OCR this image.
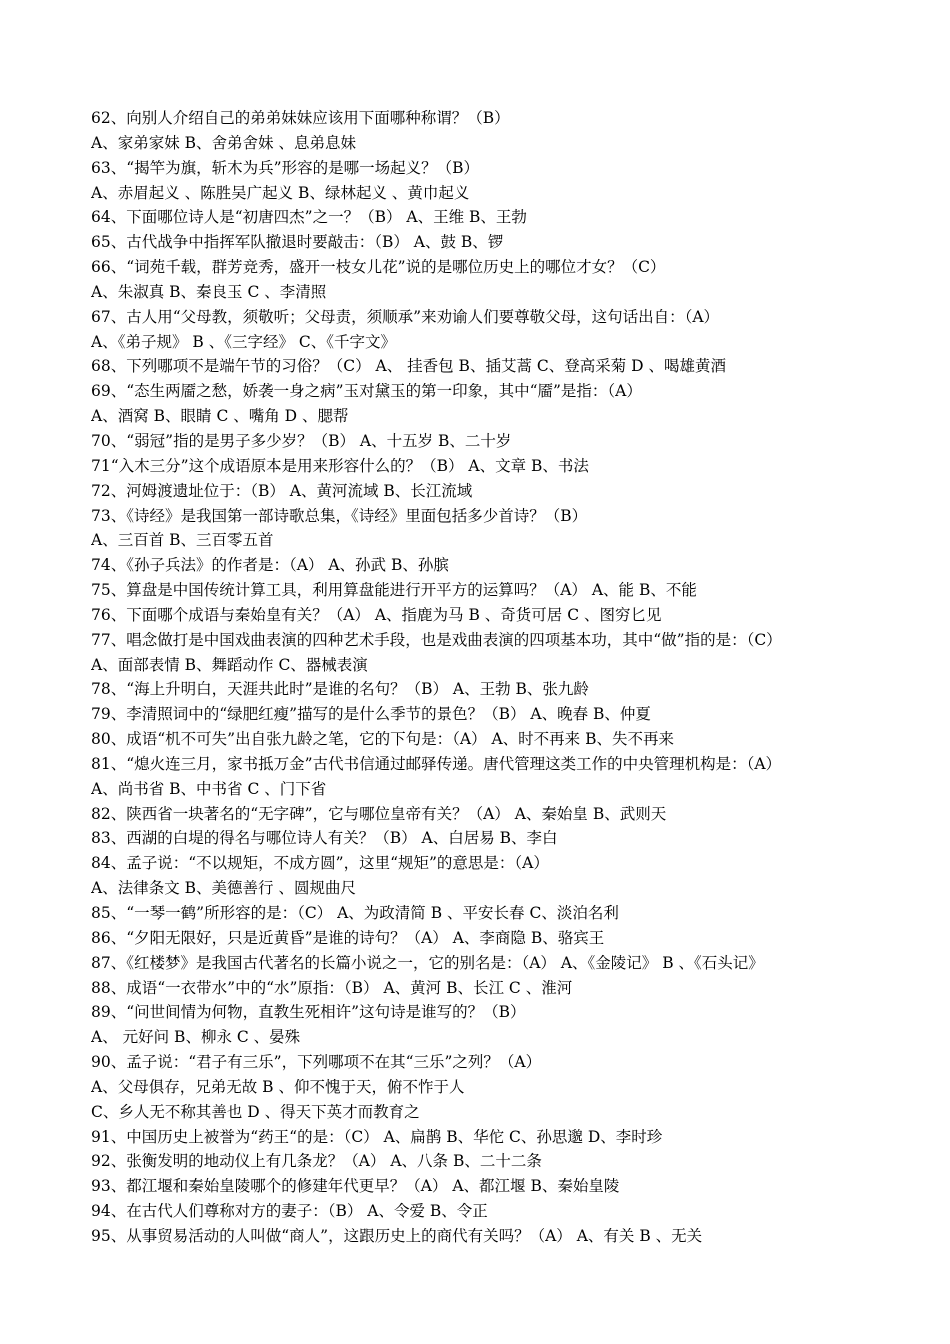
62、向别人介绍自己的弟弟妹妹应该用下面哪种称谓？（B）
A、家弟家妹 B、舍弟舍妹 、息弟息妹
63、“揭竿为旗，斩木为兵”形容的是哪一场起义？（B）
A、赤眉起义 、陈胜吴广起义 B、绿林起义 、黄巾起义
64、下面哪位诗人是“初唐四杰”之一？（B） A、王维 B、王勃
65、古代战争中指挥军队撤退时要敲击：（B） A、鼓 B、锣
66、“词苑千载，群芳竞秀，盛开一枝女儿花”说的是哪位历史上的哪位才女？（C）
A、朱淑真 B、秦良玉 C 、李清照
67、古人用“父母教，须敬听；父母责，须顺承”来劝谕人们要尊敬父母，这句话出自：（A）
A、《弟子规》 B 、《三字经》 C、《千字文》
68、下列哪项不是端午节的习俗？（C） A、 挂香包 B、插艾蒿 C、登高采菊 D 、喝雄黄酒
69、“态生两靥之愁，娇袭一身之病”玉对黛玉的第一印象，其中“靥”是指：（A）
A、酒窝 B、眼睛 C 、嘴角 D 、腮帮
70、“弱冠”指的是男子多少岁？（B） A、十五岁 B、二十岁
71“入木三分”这个成语原本是用来形容什么的？（B） A、文章 B、书法
72、河姆渡遗址位于：（B） A、黄河流域 B、长江流域
73、《诗经》是我国第一部诗歌总集，《诗经》里面包括多少首诗？（B）
A、三百首 B、三百零五首
74、《孙子兵法》的作者是：（A） A、孙武 B、孙膑
75、算盘是中国传统计算工具，利用算盘能进行开平方的运算吗？（A） A、能 B、不能
76、下面哪个成语与秦始皇有关？（A） A、指鹿为马 B 、奇货可居 C 、图穷匕见
77、唱念做打是中国戏曲表演的四种艺术手段，也是戏曲表演的四项基本功，其中“做”指的是：（C）
A、面部表情 B、舞蹈动作 C、器械表演
78、“海上升明白，天涯共此时”是谁的名句？（B） A、王勃 B、张九龄
79、李清照词中的“绿肥红瘦”描写的是什么季节的景色？（B） A、晚春 B、仲夏
80、成语“机不可失”出自张九龄之笔，它的下句是：（A） A、时不再来 B、失不再来
81、“熄火连三月，家书抵万金”古代书信通过邮驿传递。唐代管理这类工作的中央管理机构是：（A）
A、尚书省 B、中书省 C 、门下省
82、陕西省一块著名的“无字碑”，它与哪位皇帝有关？（A） A、秦始皇 B、武则天
83、西湖的白堤的得名与哪位诗人有关？（B） A、白居易 B、李白
84、孟子说：“不以规矩，不成方圆”，这里“规矩”的意思是：（A）
A、法律条文 B、美德善行 、圆规曲尺
85、“一琴一鹤”所形容的是：（C） A、为政清简 B 、平安长春 C、淡泊名利
86、“夕阳无限好，只是近黄昏”是谁的诗句？（A） A、李商隐 B、骆宾王
87、《红楼梦》是我国古代著名的长篇小说之一，它的别名是：（A） A、《金陵记》 B 、《石头记》
88、成语“一衣带水”中的“水”原指：（B） A、黄河 B、长江 C 、淮河
89、“问世间情为何物，直教生死相许”这句诗是谁写的？（B）
A、 元好问 B、柳永 C 、晏殊
90、孟子说：“君子有三乐”，下列哪项不在其“三乐”之列？（A）
A、父母俱存，兄弟无故 B 、仰不愧于天，俯不怍于人
C、乡人无不称其善也 D 、得天下英才而教育之
91、中国历史上被誉为“药王“的是：（C） A、扁鹊 B、华佗 C、孙思邈 D、李时珍
92、张衡发明的地动仪上有几条龙？（A） A、八条 B、二十二条
93、都江堰和秦始皇陵哪个的修建年代更早？（A） A、都江堰 B、秦始皇陵
94、在古代人们尊称对方的妻子：（B） A、令爱 B、令正
95、从事贸易活动的人叫做“商人”，这跟历史上的商代有关吗？（A） A、有关 B 、无关
